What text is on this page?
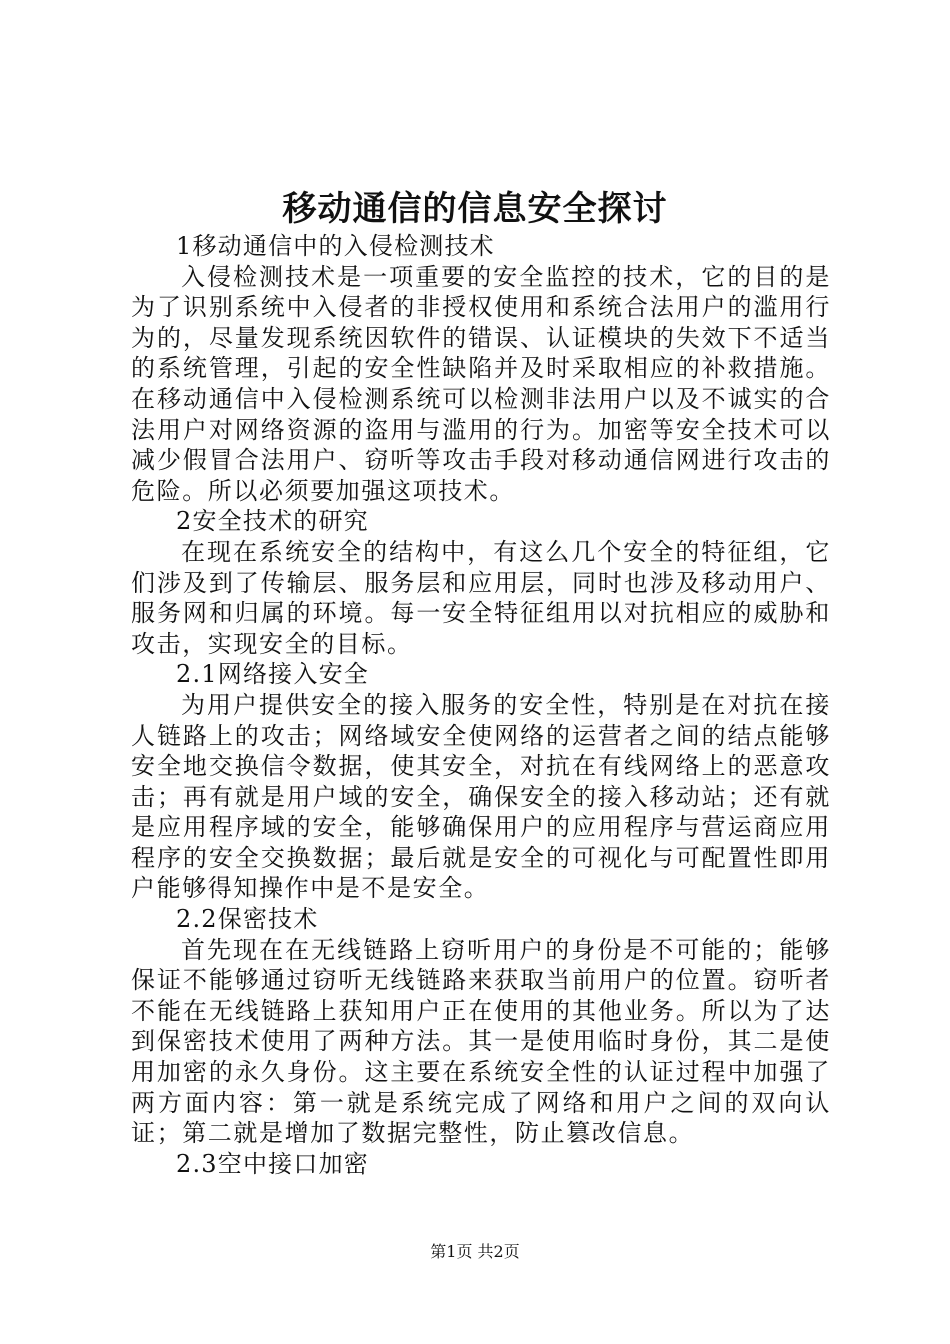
移动通信的信息安全探讨

1移动通信中的入侵检测技术

入侵检测技术是一项重要的安全监控的技术，它的目的是为了识别系统中入侵者的非授权使用和系统合法用户的滥用行为的，尽量发现系统因软件的错误、认证模块的失效下不适当的系统管理，引起的安全性缺陷并及时采取相应的补救措施。在移动通信中入侵检测系统可以检测非法用户以及不诚实的合法用户对网络资源的盗用与滥用的行为。加密等安全技术可以减少假冒合法用户、窃听等攻击手段对移动通信网进行攻击的危险。所以必须要加强这项技术。

2安全技术的研究

在现在系统安全的结构中，有这么几个安全的特征组，它们涉及到了传输层、服务层和应用层，同时也涉及移动用户、服务网和归属的环境。每一安全特征组用以对抗相应的威胁和攻击，实现安全的目标。

2.1网络接入安全

为用户提供安全的接入服务的安全性，特别是在对抗在接人链路上的攻击；网络域安全使网络的运营者之间的结点能够安全地交换信令数据，使其安全，对抗在有线网络上的恶意攻击；再有就是用户域的安全，确保安全的接入移动站；还有就是应用程序域的安全，能够确保用户的应用程序与营运商应用程序的安全交换数据；最后就是安全的可视化与可配置性即用户能够得知操作中是不是安全。

2.2保密技术

首先现在在无线链路上窃听用户的身份是不可能的；能够保证不能够通过窃听无线链路来获取当前用户的位置。窃听者不能在无线链路上获知用户正在使用的其他业务。所以为了达到保密技术使用了两种方法。其一是使用临时身份，其二是使用加密的永久身份。这主要在系统安全性的认证过程中加强了两方面内容：第一就是系统完成了网络和用户之间的双向认证；第二就是增加了数据完整性，防止篡改信息。

2.3空中接口加密

第1页 共2页
